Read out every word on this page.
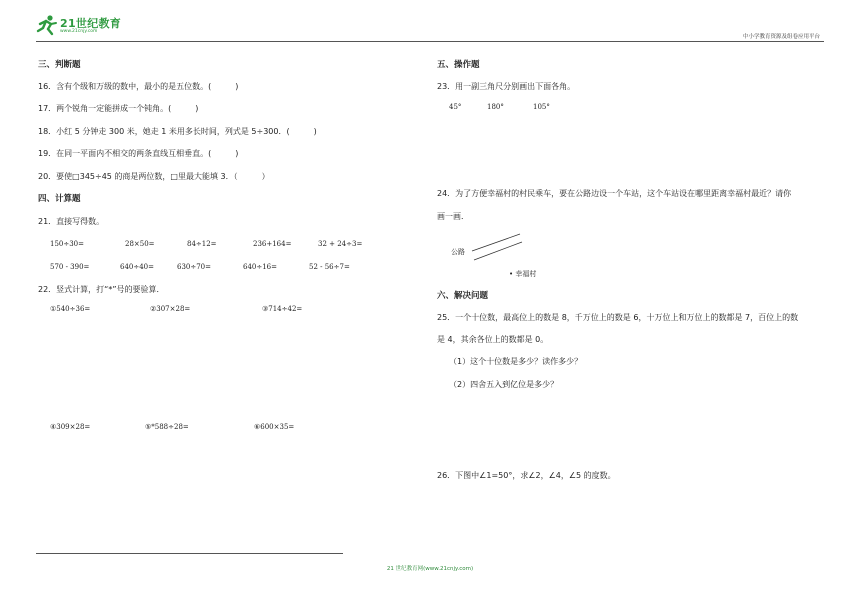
21世纪教育
www.21cnjy.com
中小学教育资源及组卷应用平台
三、判断题
16．含有个级和万级的数中，最小的是五位数。(　　　)
17．两个锐角一定能拼成一个钝角。(　　　)
18．小红 5 分钟走 300 米，她走 1 米用多长时间，列式是 5÷300．(　　　)
19．在同一平面内不相交的两条直线互相垂直。(　　　)
20．要使□345÷45 的商是两位数，□里最大能填 3．（　　　）
四、计算题
21．直接写得数。
150÷30=	28×50=	84÷12=	236+164=	32 + 24÷3=
570 - 390=	640÷40=	630÷70=	640÷16=	52 - 56÷7=
22．竖式计算，打“*”号的要验算．
①540÷36=	②307×28=	③714÷42=
④309×28=	⑤*588÷28=	⑥600×35=
五、操作题
23．用一副三角尺分别画出下面各角。
45°	180°	105°
24．为了方便幸福村的村民乘车，要在公路边设一个车站，这个车站设在哪里距离幸福村最近？请你
画一画．
公路
• 幸福村
六、解决问题
25．一个十位数，最高位上的数是 8，千万位上的数是 6，十万位上和万位上的数都是 7，百位上的数
是 4，其余各位上的数都是 0。
（1）这个十位数是多少？读作多少？
（2）四舍五入到亿位是多少？
26．下图中∠1=50°，求∠2，∠4，∠5 的度数。
21 世纪教育网(www.21cnjy.com)
